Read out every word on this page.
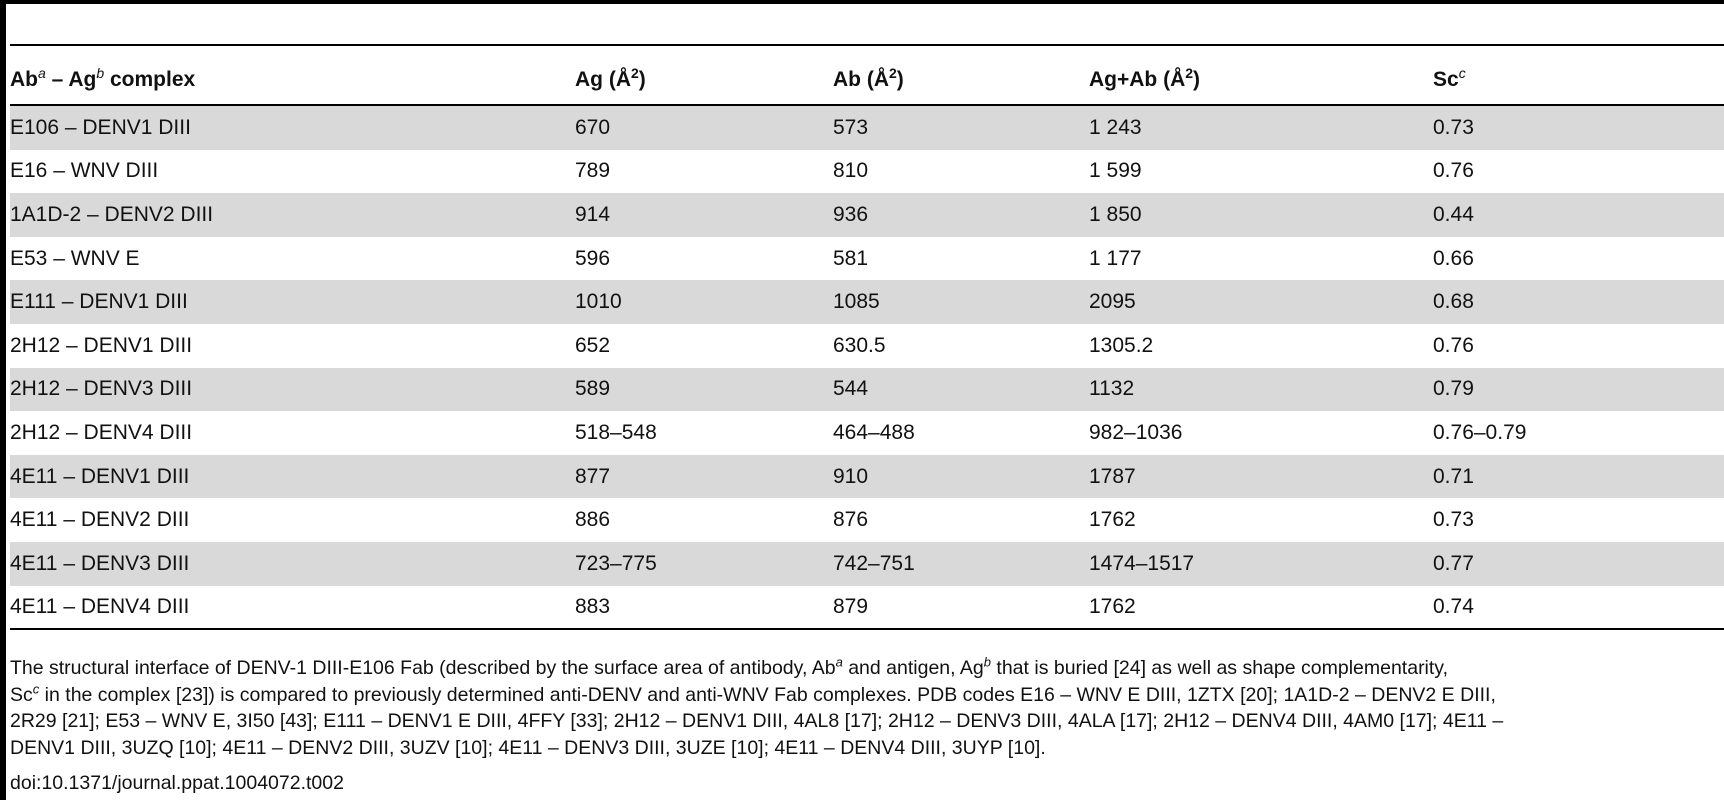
Ab$^a$ – Ag$^b$ complex	Ag $(Å^2)$	Ab $(Å^2)$	Ag+Ab $(Å^2)$	Sc$^c$
E106 – DENV1 DIII	670	573	1 243	0.73
E16 – WNV DIII	789	810	1 599	0.76
1A1D-2 – DENV2 DIII	914	936	1 850	0.44
E53 – WNV E	596	581	1 177	0.66
E111 – DENV1 DIII	1010	1085	2095	0.68
2H12 – DENV1 DIII	652	630.5	1305.2	0.76
2H12 – DENV3 DIII	589	544	1132	0.79
2H12 – DENV4 DIII	518–548	464–488	982–1036	0.76–0.79
4E11 – DENV1 DIII	877	910	1787	0.71
4E11 – DENV2 DIII	886	876	1762	0.73
4E11 – DENV3 DIII	723–775	742–751	1474–1517	0.77
4E11 – DENV4 DIII	883	879	1762	0.74
The structural interface of DENV-1 DIII-E106 Fab (described by the surface area of antibody, Ab$^a$ and antigen, Ag$^b$ that is buried [24] as well as shape complementarity,
Sc$^c$ in the complex [23]) is compared to previously determined anti-DENV and anti-WNV Fab complexes. PDB codes E16 – WNV E DIII, 1ZTX [20]; 1A1D-2 – DENV2 E DIII,
2R29 [21]; E53 – WNV E, 3I50 [43]; E111 – DENV1 E DIII, 4FFY [33]; 2H12 – DENV1 DIII, 4AL8 [17]; 2H12 – DENV3 DIII, 4ALA [17]; 2H12 – DENV4 DIII, 4AM0 [17]; 4E11 –
DENV1 DIII, 3UZQ [10]; 4E11 – DENV2 DIII, 3UZV [10]; 4E11 – DENV3 DIII, 3UZE [10]; 4E11 – DENV4 DIII, 3UYP [10].
doi:10.1371/journal.ppat.1004072.t002
